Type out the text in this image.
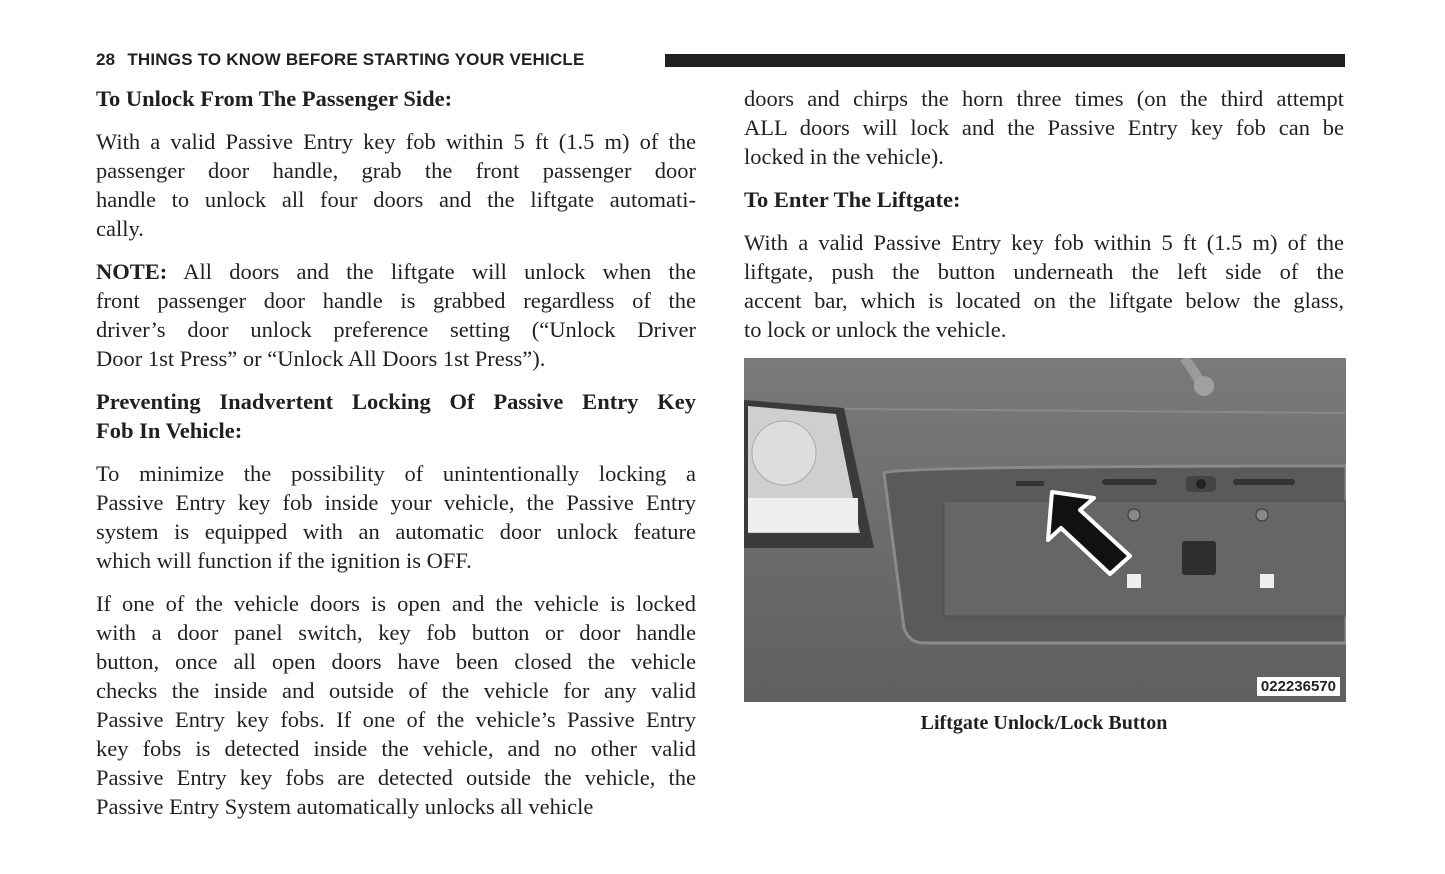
28 THINGS TO KNOW BEFORE STARTING YOUR VEHICLE
To Unlock From The Passenger Side:
With a valid Passive Entry key fob within 5 ft (1.5 m) of the
passenger door handle, grab the front passenger door
handle to unlock all four doors and the liftgate automati-
cally.
NOTE: All doors and the liftgate will unlock when the
front passenger door handle is grabbed regardless of the
driver’s door unlock preference setting (“Unlock Driver
Door 1st Press” or “Unlock All Doors 1st Press”).
Preventing Inadvertent Locking Of Passive Entry Key
Fob In Vehicle:
To minimize the possibility of unintentionally locking a
Passive Entry key fob inside your vehicle, the Passive Entry
system is equipped with an automatic door unlock feature
which will function if the ignition is OFF.
If one of the vehicle doors is open and the vehicle is locked
with a door panel switch, key fob button or door handle
button, once all open doors have been closed the vehicle
checks the inside and outside of the vehicle for any valid
Passive Entry key fobs. If one of the vehicle’s Passive Entry
key fobs is detected inside the vehicle, and no other valid
Passive Entry key fobs are detected outside the vehicle, the
Passive Entry System automatically unlocks all vehicle
doors and chirps the horn three times (on the third attempt
ALL doors will lock and the Passive Entry key fob can be
locked in the vehicle).
To Enter The Liftgate:
With a valid Passive Entry key fob within 5 ft (1.5 m) of the
liftgate, push the button underneath the left side of the
accent bar, which is located on the liftgate below the glass,
to lock or unlock the vehicle.
022236570
Liftgate Unlock/Lock Button
